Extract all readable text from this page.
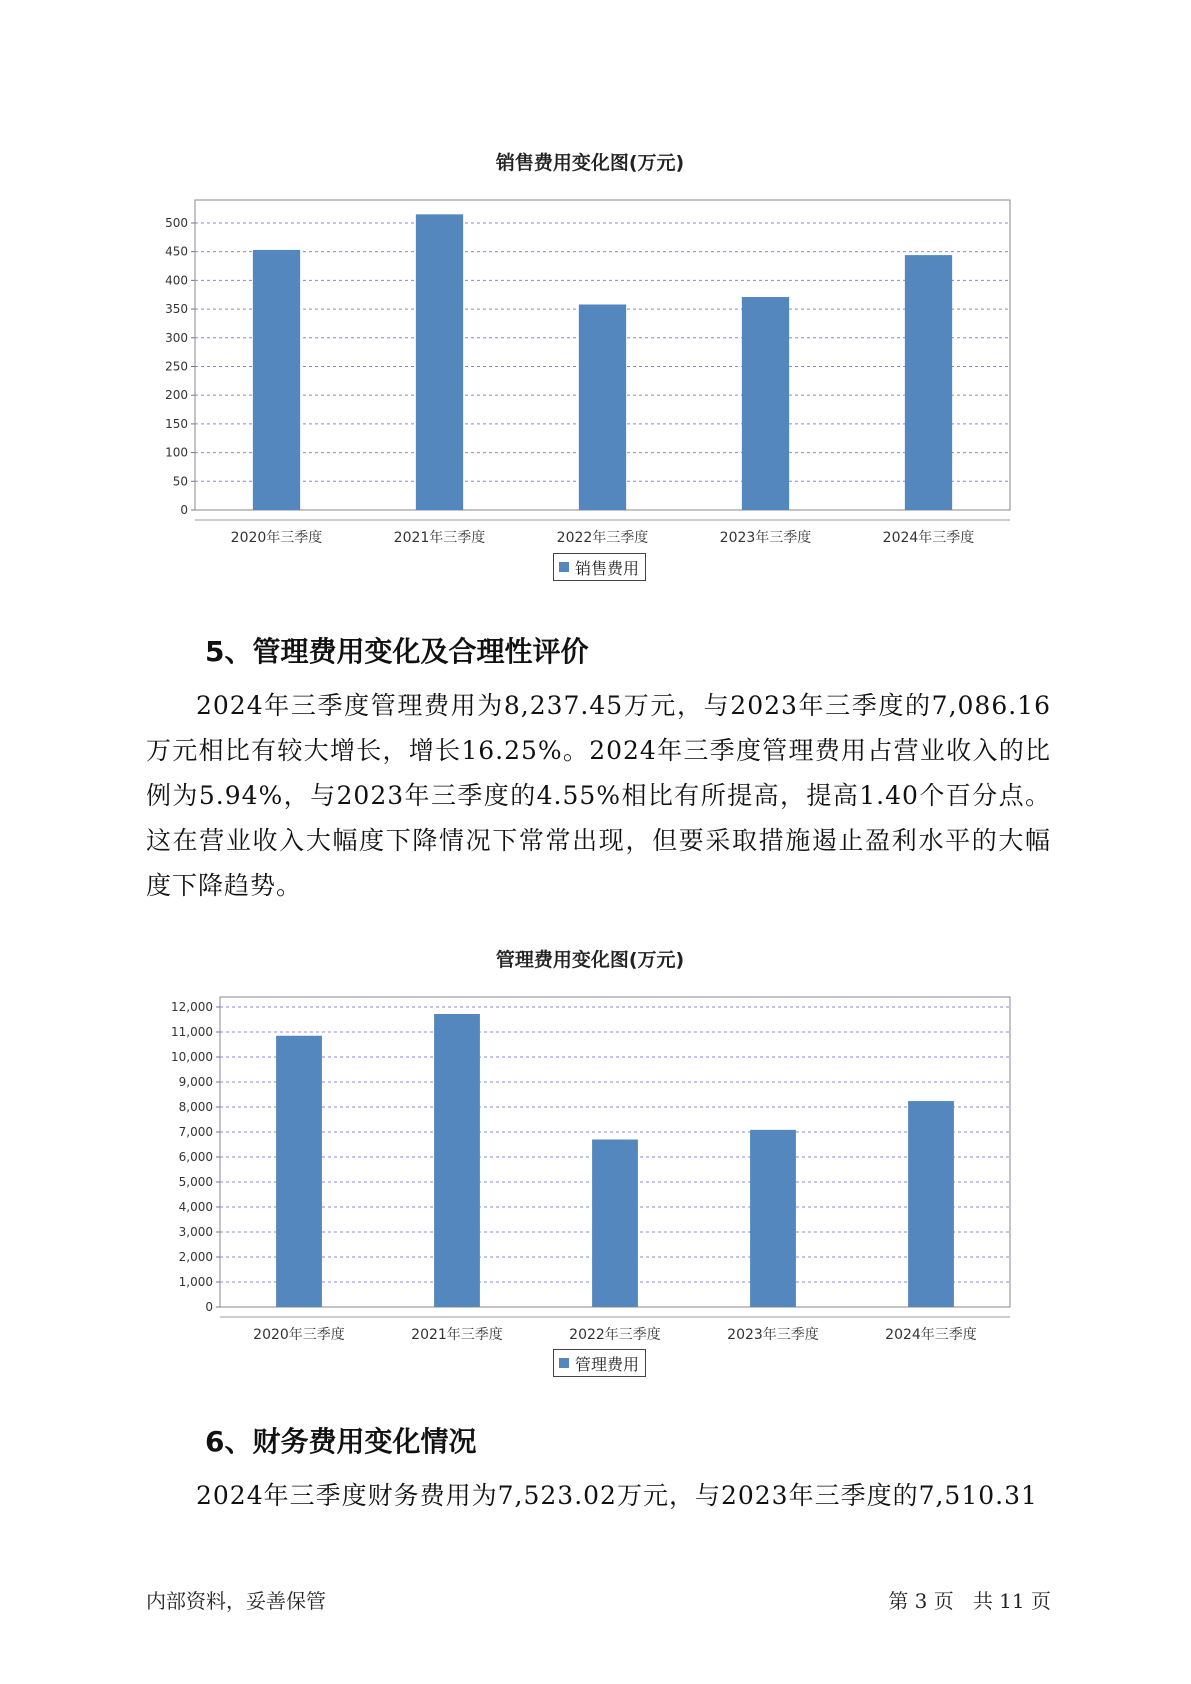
销售费用变化图(万元)
0
50
100
150
200
250
300
350
400
450
500
2020年三季度	2021年三季度	2022年三季度	2023年三季度	2024年三季度
销售费用
5、管理费用变化及合理性评价

2024年三季度管理费用为8,237.45万元，与2023年三季度的7,086.16万元相比有较大增长，增长16.25%。2024年三季度管理费用占营业收入的比例为5.94%，与2023年三季度的4.55%相比有所提高，提高1.40个百分点。这在营业收入大幅度下降情况下常常出现，但要采取措施遏止盈利水平的大幅度下降趋势。

管理费用变化图(万元)
0
1,000
2,000
3,000
4,000
5,000
6,000
7,000
8,000
9,000
10,000
11,000
12,000
2020年三季度	2021年三季度	2022年三季度	2023年三季度	2024年三季度
管理费用
6、财务费用变化情况

2024年三季度财务费用为7,523.02万元，与2023年三季度的7,510.31

内部资料，妥善保管	第 3 页   共 11 页
